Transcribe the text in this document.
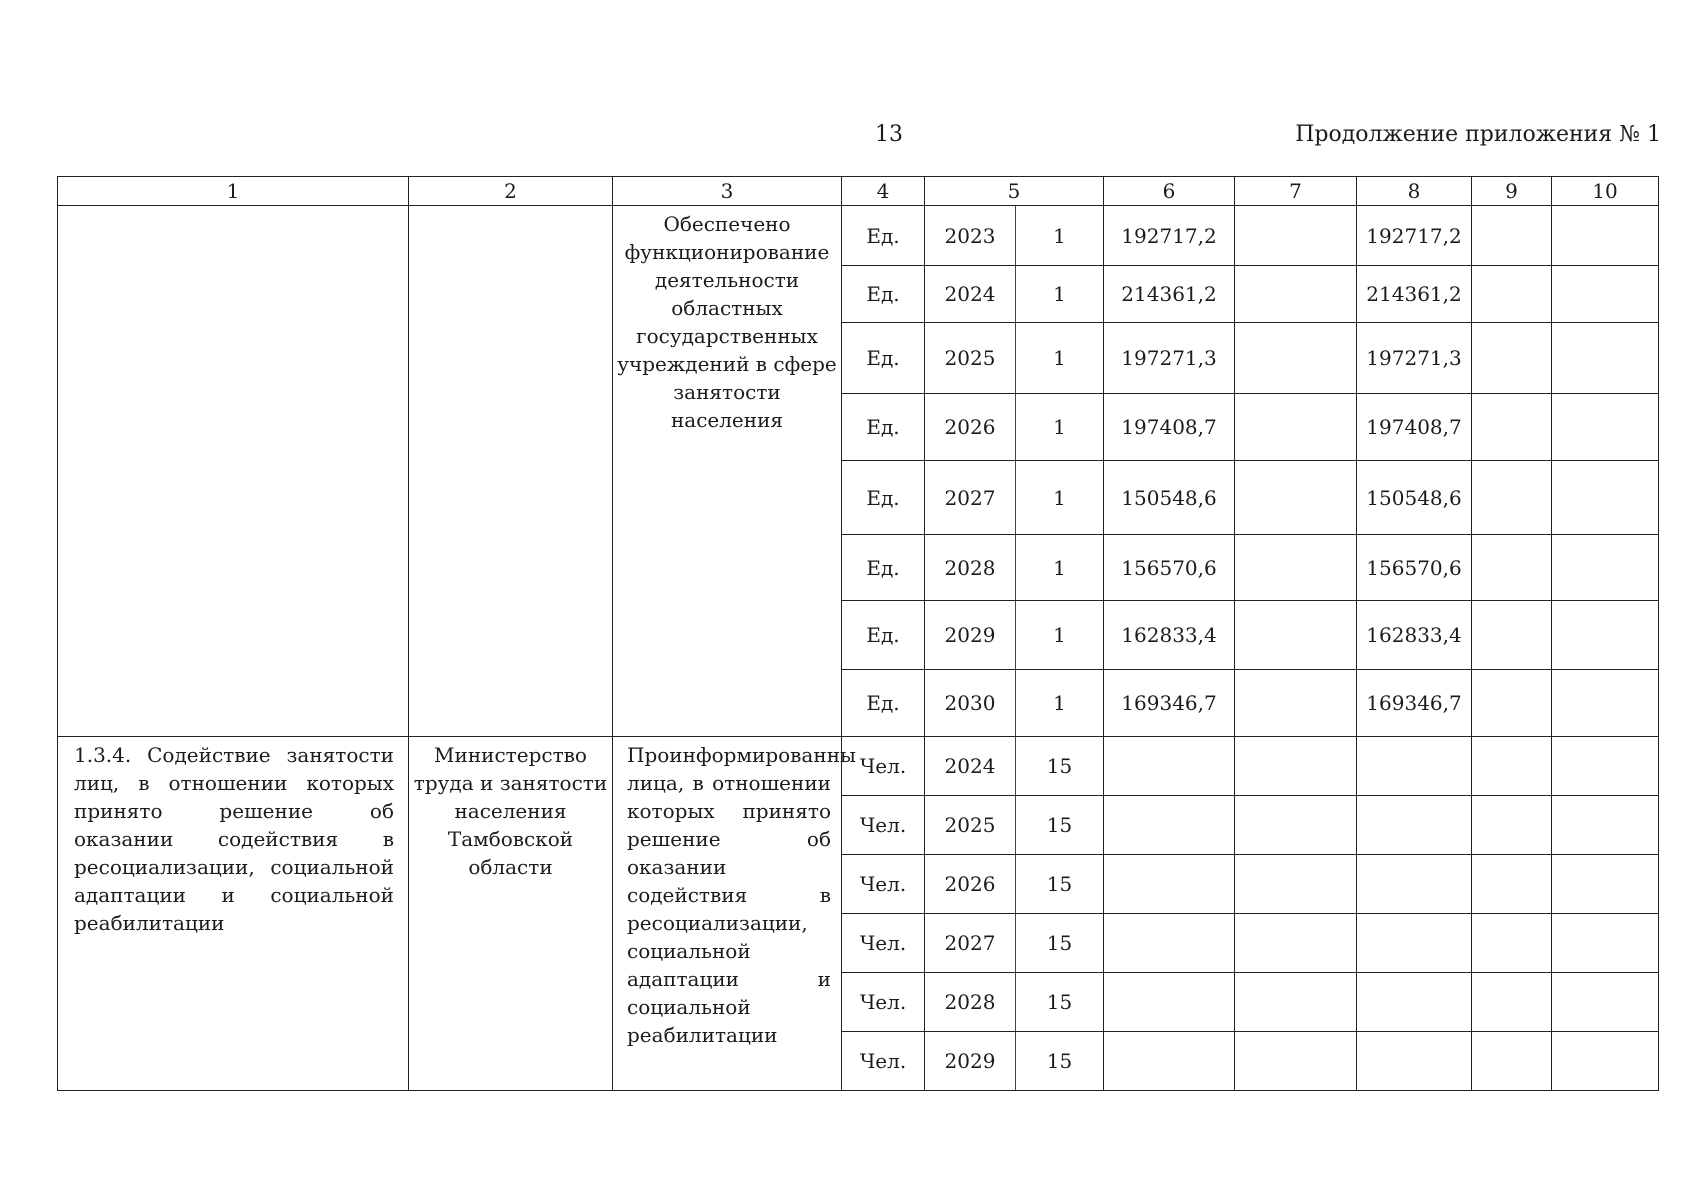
13	Продолжение приложения № 1
1	2	3	4	5		6	7	8	9	10
		Обеспечено функционирование деятельности областных государственных учреждений в сфере занятости населения	Ед.	2023	1	192717,2		192717,2		
			Ед.	2024	1	214361,2		214361,2		
			Ед.	2025	1	197271,3		197271,3		
			Ед.	2026	1	197408,7		197408,7		
			Ед.	2027	1	150548,6		150548,6		
			Ед.	2028	1	156570,6		156570,6		
			Ед.	2029	1	162833,4		162833,4		
			Ед.	2030	1	169346,7		169346,7		
1.3.4. Содействие занятости лиц, в отношении которых принято решение об оказании содействия в ресоциализации, социальной адаптации и социальной реабилитации	Министерство труда и занятости населения Тамбовской области	Проинформированны лица, в отношении которых принято решение об оказании содействия в ресоциализации, социальной адаптации и социальной реабилитации	Чел.	2024	15					
			Чел.	2025	15					
			Чел.	2026	15					
			Чел.	2027	15					
			Чел.	2028	15					
			Чел.	2029	15					
